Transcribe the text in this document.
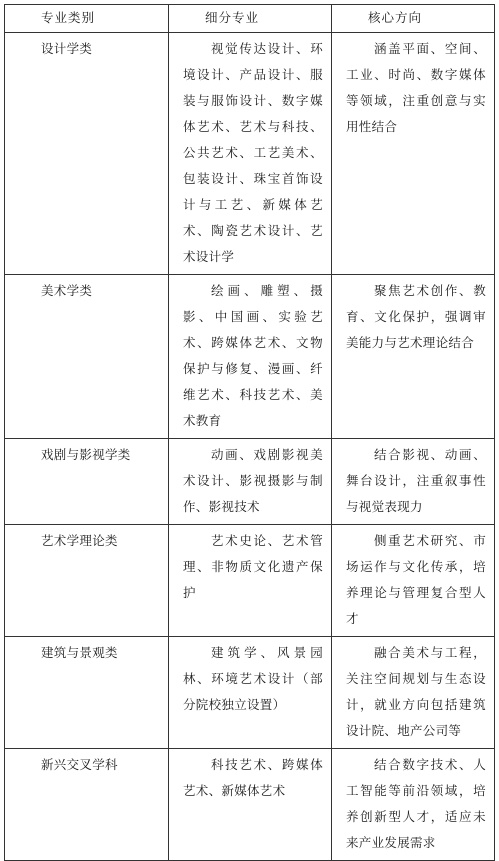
专业类别	细分专业	核心方向
设计学类	视觉传达设计、环境设计、产品设计、服装与服饰设计、数字媒体艺术、艺术与科技、公共艺术、工艺美术、包装设计、珠宝首饰设计与工艺、新媒体艺术、陶瓷艺术设计、艺术设计学	涵盖平面、空间、工业、时尚、数字媒体等领域，注重创意与实用性结合
美术学类	绘画、雕塑、摄影、中国画、实验艺术、跨媒体艺术、文物保护与修复、漫画、纤维艺术、科技艺术、美术教育	聚焦艺术创作、教育、文化保护，强调审美能力与艺术理论结合
戏剧与影视学类	动画、戏剧影视美术设计、影视摄影与制作、影视技术	结合影视、动画、舞台设计，注重叙事性与视觉表现力
艺术学理论类	艺术史论、艺术管理、非物质文化遗产保护	侧重艺术研究、市场运作与文化传承，培养理论与管理复合型人才
建筑与景观类	建筑学、风景园林、环境艺术设计（部分院校独立设置）	融合美术与工程，关注空间规划与生态设计，就业方向包括建筑设计院、地产公司等
新兴交叉学科	科技艺术、跨媒体艺术、新媒体艺术	结合数字技术、人工智能等前沿领域，培养创新型人才，适应未来产业发展需求
